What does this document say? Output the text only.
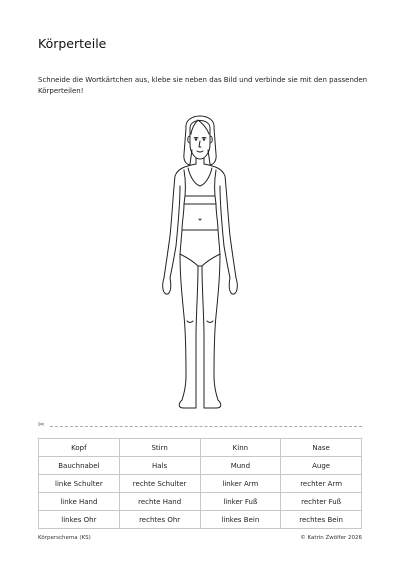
Körperteile
Schneide die Wortkärtchen aus, klebe sie neben das Bild und verbinde sie mit den passenden Körperteilen!
✂
Kopf	Stirn	Kinn	Nase
Bauchnabel	Hals	Mund	Auge
linke Schulter	rechte Schulter	linker Arm	rechter Arm
linke Hand	rechte Hand	linker Fuß	rechter Fuß
linkes Ohr	rechtes Ohr	linkes Bein	rechtes Bein
Körperschema (KS)	© Katrin Zwölfer 2026
